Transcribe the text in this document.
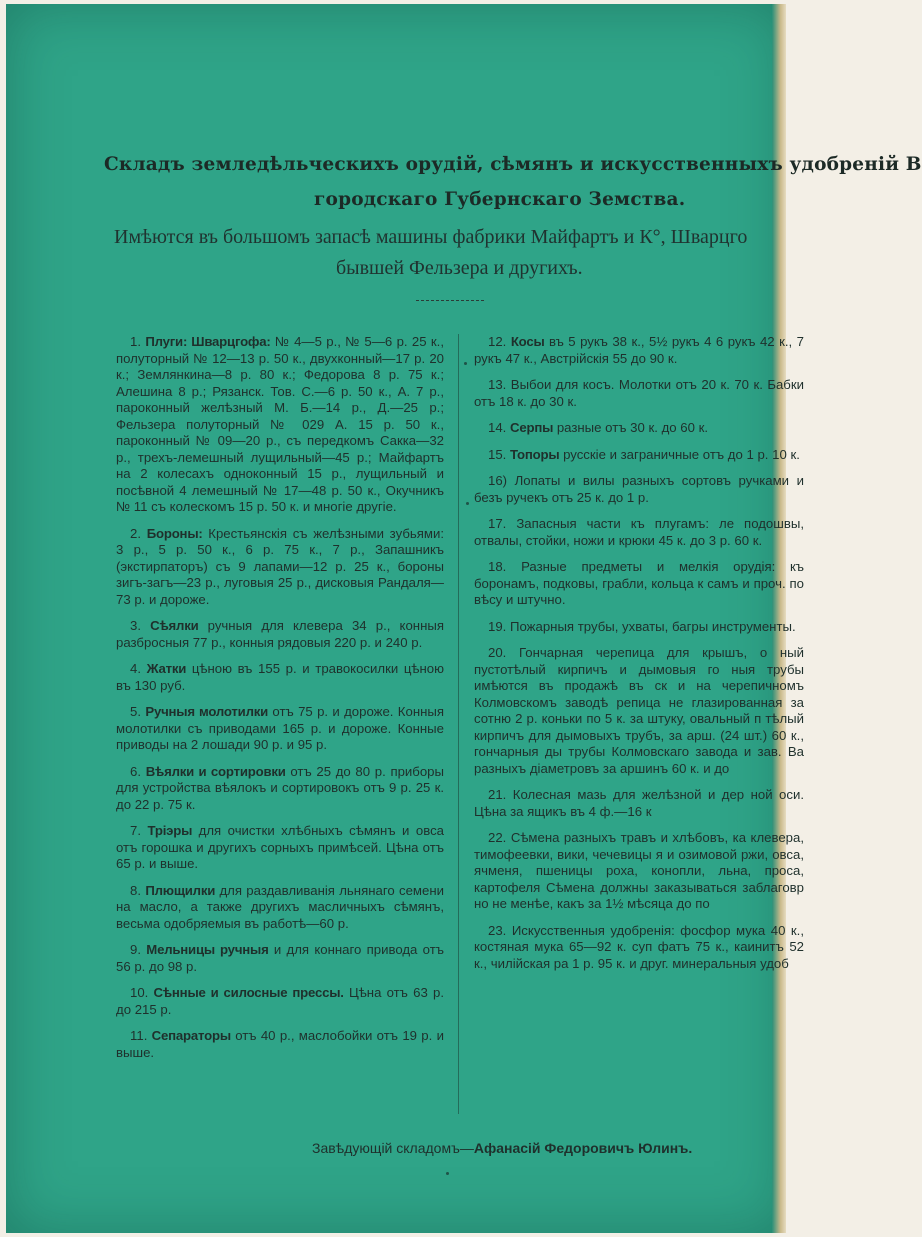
Складъ земледѣльческихъ орудій, сѣмянъ и искусственныхъ удобреній В
городскаго Губернскаго Земства.
Имѣются въ большомъ запасѣ машины фабрики Майфартъ и К°, Шварцго
бывшей Фельзера и другихъ.

1. Плуги: Шварцгофа: № 4—5 р., № 5—6 р. 25 к., полуторный № 12—13 р. 50 к., двухконный—17 р. 20 к.; Землянкина—8 р. 80 к.; Федорова 8 р. 75 к.; Алешина 8 р.; Рязанск. Тов. С.—6 р. 50 к., А. 7 р., пароконный желѣзный М. Б.—14 р., Д.—25 р.; Фельзера полуторный № 029 А. 15 р. 50 к., пароконный № 09—20 р., съ передкомъ Сакка—32 р., трехъ-лемешный лущильный—45 р.; Майфартъ на 2 колесахъ одноконный 15 р., лущильный и посѣвной 4 лемешный № 17—48 р. 50 к., Окучникъ № 11 съ колескомъ 15 р. 50 к. и многіе другіе.

2. Бороны: Крестьянскія съ желѣзными зубьями: 3 р., 5 р. 50 к., 6 р. 75 к., 7 р., Запашникъ (экстирпаторъ) съ 9 лапами—12 р. 25 к., бороны зигъ-загъ—23 р., луговыя 25 р., дисковыя Рандаля—73 р. и дороже.

3. Сѣялки ручныя для клевера 34 р., конныя разбросныя 77 р., конныя рядовыя 220 р. и 240 р.

4. Жатки цѣною въ 155 р. и травокосилки цѣною въ 130 руб.

5. Ручныя молотилки отъ 75 р. и дороже. Конныя молотилки съ приводами 165 р. и дороже. Конные приводы на 2 лошади 90 р. и 95 р.

6. Вѣялки и сортировки отъ 25 до 80 р. приборы для устройства вѣялокъ и сортировокъ отъ 9 р. 25 к. до 22 р. 75 к.

7. Тріэры для очистки хлѣбныхъ сѣмянъ и овса отъ горошка и другихъ сорныхъ примѣсей. Цѣна отъ 65 р. и выше.

8. Плющилки для раздавливанія льнянаго семени на масло, а также другихъ масличныхъ сѣмянъ, весьма одобряемыя въ работѣ—60 р.

9. Мельницы ручныя и для коннаго привода отъ 56 р. до 98 р.

10. Сѣнные и силосные прессы. Цѣна отъ 63 р. до 215 р.

11. Сепараторы отъ 40 р., маслобойки отъ 19 р. и выше.

12. Косы въ 5 рукъ 38 к., 5½ рукъ 4 6 рукъ 42 к., 7 рукъ 47 к., Австрійскія 55 до 90 к.

13. Выбои для косъ. Молотки отъ 20 к. 70 к. Бабки отъ 18 к. до 30 к.

14. Серпы разные отъ 30 к. до 60 к.

15. Топоры русскіе и заграничные отъ до 1 р. 10 к.

16) Лопаты и вилы разныхъ сортовъ ручками и безъ ручекъ отъ 25 к. до 1 р.

17. Запасныя части къ плугамъ: ле подошвы, отвалы, стойки, ножи и крюки 45 к. до 3 р. 60 к.

18. Разные предметы и мелкія орудія: къ боронамъ, подковы, грабли, кольца к самъ и проч. по вѣсу и штучно.

19. Пожарныя трубы, ухваты, багры инструменты.

20. Гончарная черепица для крышъ, о ный пустотѣлый кирпичъ и дымовыя го ныя трубы имѣются въ продажѣ въ ск и на черепичномъ Колмовскомъ заводѣ репица не глазированная за сотню 2 р. коньки по 5 к. за штуку, овальный п тѣлый кирпичъ для дымовыхъ трубъ, за арш. (24 шт.) 60 к., гончарныя ды трубы Колмовскаго завода и зав. Ва разныхъ діаметровъ за аршинъ 60 к. и до

21. Колесная мазь для желѣзной и дер ной оси. Цѣна за ящикъ въ 4 ф.—16 к

22. Сѣмена разныхъ травъ и хлѣбовъ, ка клевера, тимофеевки, вики, чечевицы я и озимовой ржи, овса, ячменя, пшеницы роха, конопли, льна, проса, картофеля Сѣмена должны заказываться заблаговр но не менѣе, какъ за 1½ мѣсяца до по

23. Искусственныя удобренія: фосфор мука 40 к., костяная мука 65—92 к. суп фатъ 75 к., каинитъ 52 к., чилійская ра 1 р. 95 к. и друг. минеральныя удоб

Завѣдующій складомъ—Афанасій Федоровичъ Юлинъ.
